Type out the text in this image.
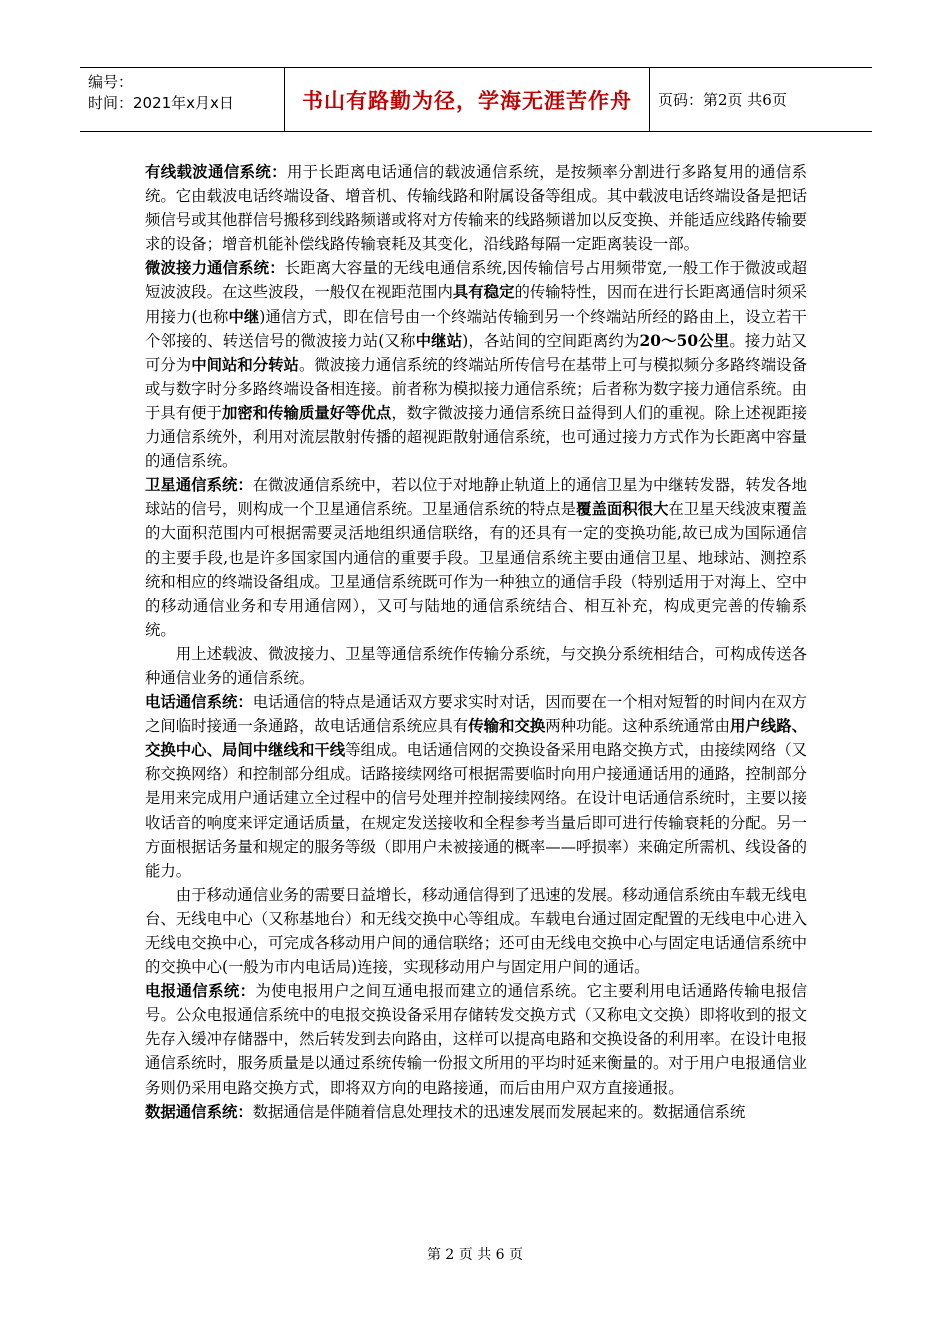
编号：
时间：2021年x月x日	书山有路勤为径，学海无涯苦作舟	页码：第2页 共6页

有线载波通信系统：用于长距离电话通信的载波通信系统，是按频率分割进行多路复用的通信系统。它由载波电话终端设备、增音机、传输线路和附属设备等组成。其中载波电话终端设备是把话频信号或其他群信号搬移到线路频谱或将对方传输来的线路频谱加以反变换、并能适应线路传输要求的设备；增音机能补偿线路传输衰耗及其变化，沿线路每隔一定距离装设一部。

微波接力通信系统：长距离大容量的无线电通信系统,因传输信号占用频带宽,一般工作于微波或超短波波段。在这些波段，一般仅在视距范围内具有稳定的传输特性，因而在进行长距离通信时须采用接力(也称中继)通信方式，即在信号由一个终端站传输到另一个终端站所经的路由上，设立若干个邻接的、转送信号的微波接力站(又称中继站)，各站间的空间距离约为20～50公里。接力站又可分为中间站和分转站。微波接力通信系统的终端站所传信号在基带上可与模拟频分多路终端设备或与数字时分多路终端设备相连接。前者称为模拟接力通信系统；后者称为数字接力通信系统。由于具有便于加密和传输质量好等优点，数字微波接力通信系统日益得到人们的重视。除上述视距接力通信系统外，利用对流层散射传播的超视距散射通信系统，也可通过接力方式作为长距离中容量的通信系统。

卫星通信系统：在微波通信系统中，若以位于对地静止轨道上的通信卫星为中继转发器，转发各地球站的信号，则构成一个卫星通信系统。卫星通信系统的特点是覆盖面积很大在卫星天线波束覆盖的大面积范围内可根据需要灵活地组织通信联络，有的还具有一定的变换功能,故已成为国际通信的主要手段,也是许多国家国内通信的重要手段。卫星通信系统主要由通信卫星、地球站、测控系统和相应的终端设备组成。卫星通信系统既可作为一种独立的通信手段（特别适用于对海上、空中的移动通信业务和专用通信网），又可与陆地的通信系统结合、相互补充，构成更完善的传输系统。

用上述载波、微波接力、卫星等通信系统作传输分系统，与交换分系统相结合，可构成传送各种通信业务的通信系统。

电话通信系统：电话通信的特点是通话双方要求实时对话，因而要在一个相对短暂的时间内在双方之间临时接通一条通路，故电话通信系统应具有传输和交换两种功能。这种系统通常由用户线路、交换中心、局间中继线和干线等组成。电话通信网的交换设备采用电路交换方式，由接续网络（又称交换网络）和控制部分组成。话路接续网络可根据需要临时向用户接通通话用的通路，控制部分是用来完成用户通话建立全过程中的信号处理并控制接续网络。在设计电话通信系统时，主要以接收话音的响度来评定通话质量，在规定发送接收和全程参考当量后即可进行传输衰耗的分配。另一方面根据话务量和规定的服务等级（即用户未被接通的概率——呼损率）来确定所需机、线设备的能力。

由于移动通信业务的需要日益增长，移动通信得到了迅速的发展。移动通信系统由车载无线电台、无线电中心（又称基地台）和无线交换中心等组成。车载电台通过固定配置的无线电中心进入无线电交换中心，可完成各移动用户间的通信联络；还可由无线电交换中心与固定电话通信系统中的交换中心(一般为市内电话局)连接，实现移动用户与固定用户间的通话。

电报通信系统：为使电报用户之间互通电报而建立的通信系统。它主要利用电话通路传输电报信号。公众电报通信系统中的电报交换设备采用存储转发交换方式（又称电文交换）即将收到的报文先存入缓冲存储器中，然后转发到去向路由，这样可以提高电路和交换设备的利用率。在设计电报通信系统时，服务质量是以通过系统传输一份报文所用的平均时延来衡量的。对于用户电报通信业务则仍采用电路交换方式，即将双方向的电路接通，而后由用户双方直接通报。

数据通信系统：数据通信是伴随着信息处理技术的迅速发展而发展起来的。数据通信系统

第 2 页 共 6 页
